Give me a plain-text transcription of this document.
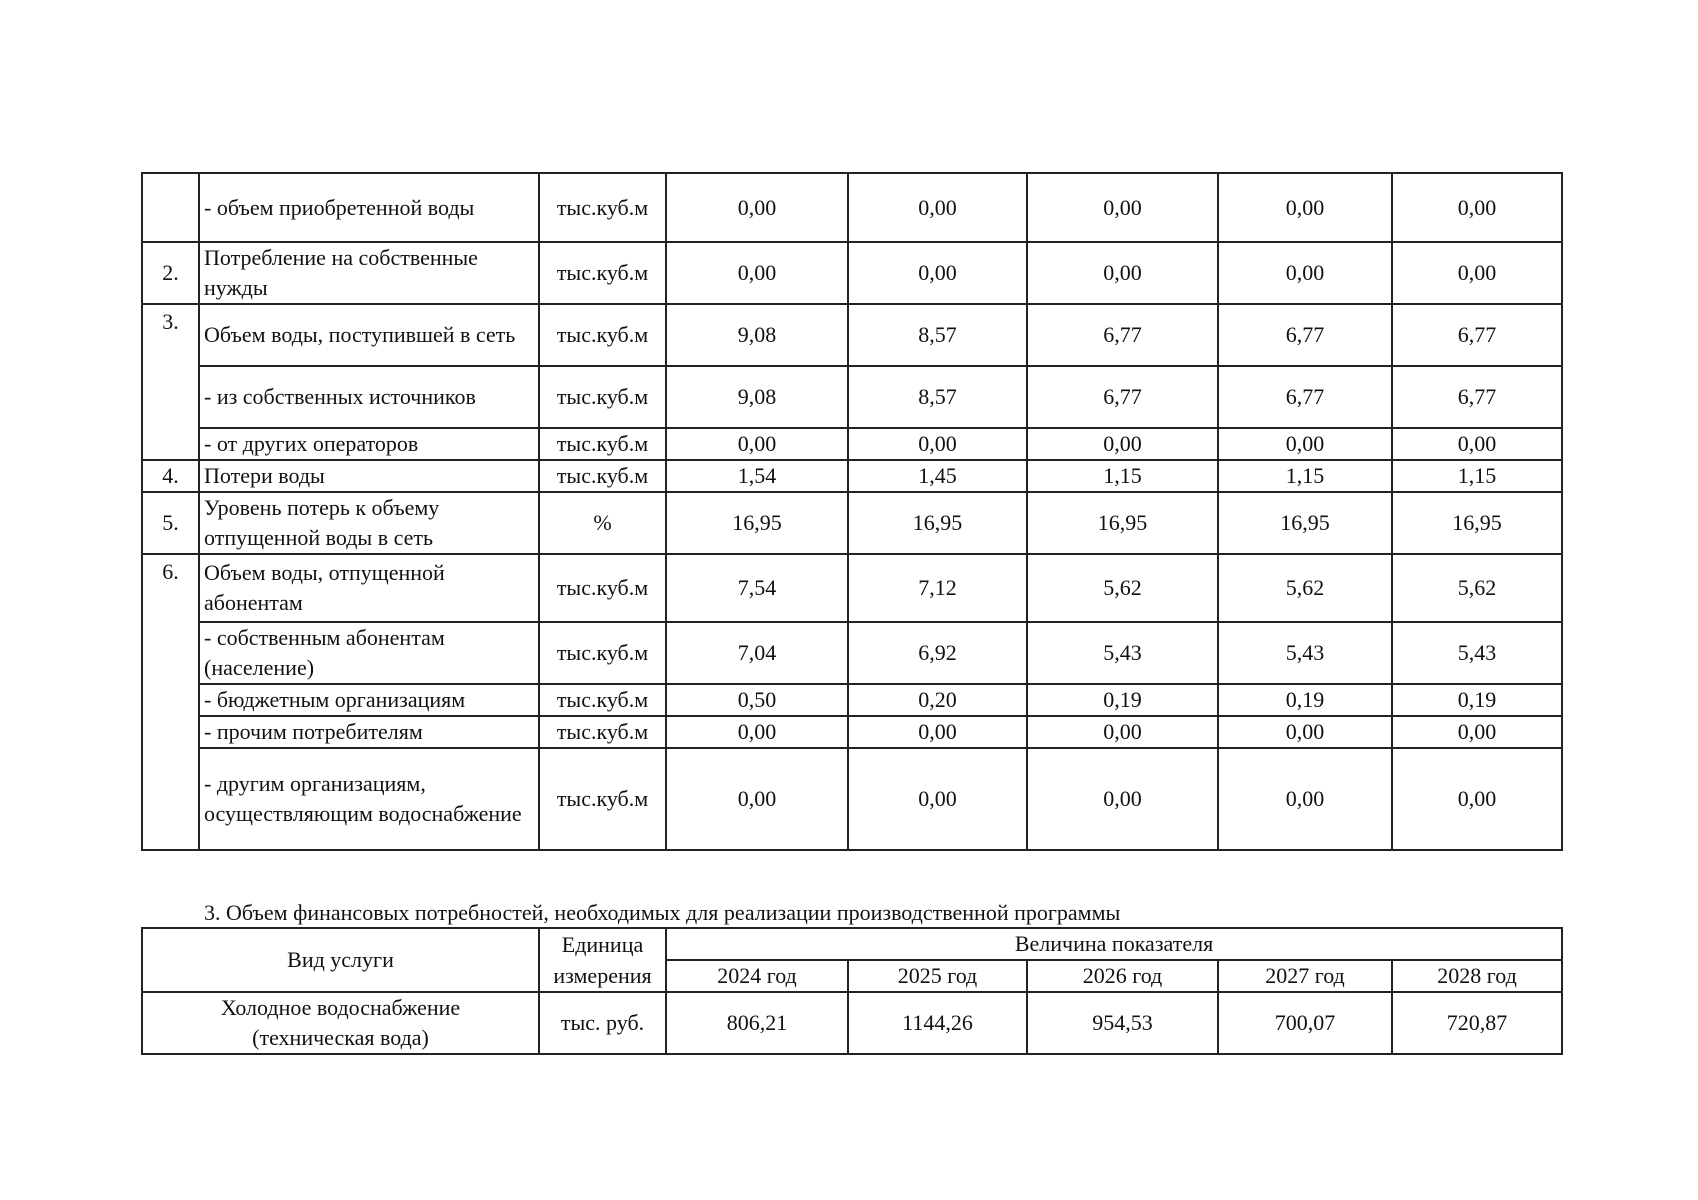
	- объем приобретенной воды	тыс.куб.м	0,00	0,00	0,00	0,00	0,00
2.	Потребление на собственные нужды	тыс.куб.м	0,00	0,00	0,00	0,00	0,00
3.	Объем воды, поступившей в сеть	тыс.куб.м	9,08	8,57	6,77	6,77	6,77
	- из собственных источников	тыс.куб.м	9,08	8,57	6,77	6,77	6,77
	- от других операторов	тыс.куб.м	0,00	0,00	0,00	0,00	0,00
4.	Потери воды	тыс.куб.м	1,54	1,45	1,15	1,15	1,15
5.	Уровень потерь к объему отпущенной воды в сеть	%	16,95	16,95	16,95	16,95	16,95
6.	Объем воды, отпущенной абонентам	тыс.куб.м	7,54	7,12	5,62	5,62	5,62
	- собственным абонентам (население)	тыс.куб.м	7,04	6,92	5,43	5,43	5,43
	- бюджетным организациям	тыс.куб.м	0,50	0,20	0,19	0,19	0,19
	- прочим потребителям	тыс.куб.м	0,00	0,00	0,00	0,00	0,00
	- другим организациям, осуществляющим водоснабжение	тыс.куб.м	0,00	0,00	0,00	0,00	0,00
3. Объем финансовых потребностей, необходимых для реализации производственной программы
Вид услуги	Единица	Величина показателя				
	измерения	2024 год	2025 год	2026 год	2027 год	2028 год

Холодное водоснабжение
(техническая вода)	тыс. руб.	806,21	1144,26	954,53	700,07	720,87
